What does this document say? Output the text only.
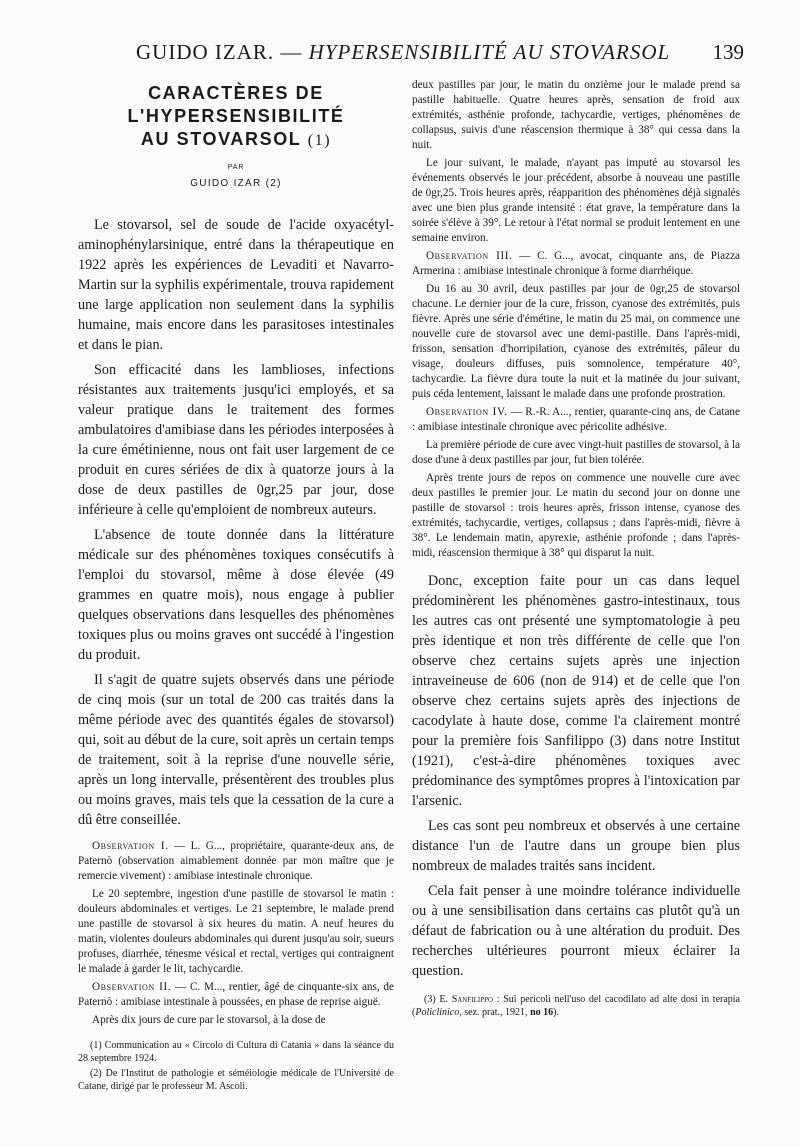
GUIDO IZAR. — HYPERSENSIBILITÉ AU STOVARSOL 139
CARACTÈRES DE
L'HYPERSENSIBILITÉ
AU STOVARSOL (1)
PAR
GUIDO IZAR (2)

Le stovarsol, sel de soude de l'acide oxyacétyl-aminophénylarsinique, entré dans la thérapeutique en 1922 après les expériences de Levaditi et Navarro-Martin sur la syphilis expérimentale, trouva rapidement une large application non seulement dans la syphilis humaine, mais encore dans les parasitoses intestinales et dans le pian.

Son efficacité dans les lamblioses, infections résistantes aux traitements jusqu'ici employés, et sa valeur pratique dans le traitement des formes ambulatoires d'amibiase dans les périodes interposées à la cure émétinienne, nous ont fait user largement de ce produit en cures sériées de dix à quatorze jours à la dose de deux pastilles de 0gr,25 par jour, dose inférieure à celle qu'emploient de nombreux auteurs.

L'absence de toute donnée dans la littérature médicale sur des phénomènes toxiques consécutifs à l'emploi du stovarsol, même à dose élevée (49 grammes en quatre mois), nous engage à publier quelques observations dans lesquelles des phénomènes toxiques plus ou moins graves ont succédé à l'ingestion du produit.

Il s'agit de quatre sujets observés dans une période de cinq mois (sur un total de 200 cas traités dans la même période avec des quantités égales de stovarsol) qui, soit au début de la cure, soit après un certain temps de traitement, soit à la reprise d'une nouvelle série, après un long intervalle, présentèrent des troubles plus ou moins graves, mais tels que la cessation de la cure a dû être conseillée.

Observation I. — L. G..., propriétaire, quarante-deux ans, de Paternò (observation aimablement donnée par mon maître que je remercie vivement) : amibiase intestinale chronique.

Le 20 septembre, ingestion d'une pastille de stovarsol le matin : douleurs abdominales et vertiges. Le 21 septembre, le malade prend une pastille de stovarsol à six heures du matin. A neuf heures du matin, violentes douleurs abdominales qui durent jusqu'au soir, sueurs profuses, diarrhée, ténesme vésical et rectal, vertiges qui contraignent le malade à garder le lit, tachycardie.

Observation II. — C. M..., rentier, âgé de cinquante-six ans, de Paternò : amibiase intestinale à poussées, en phase de reprise aiguë.

Après dix jours de cure par le stovarsol, à la dose de

(1) Communication au « Circolo di Cultura di Catania » dans la séance du 28 septembre 1924.

(2) De l'Institut de pathologie et séméiologie médicale de l'Université de Catane, dirigé par le professeur M. Ascoli.

deux pastilles par jour, le matin du onzième jour le malade prend sa pastille habituelle. Quatre heures après, sensation de froid aux extrémités, asthénie profonde, tachycardie, vertiges, phénomènes de collapsus, suivis d'une réascension thermique à 38° qui cessa dans la nuit.

Le jour suivant, le malade, n'ayant pas imputé au stovarsol les événements observés le jour précédent, absorbe à nouveau une pastille de 0gr,25. Trois heures après, réapparition des phénomènes déjà signalés avec une bien plus grande intensité : état grave, la température dans la soirée s'élève à 39°. Le retour à l'état normal se produit lentement en une semaine environ.

Observation III. — C. G..., avocat, cinquante ans, de Piazza Armerina : amibiase intestinale chronique à forme diarrhéique.

Du 16 au 30 avril, deux pastilles par jour de 0gr,25 de stovarsol chacune. Le dernier jour de la cure, frisson, cyanose des extrémités, puis fièvre. Après une série d'émétine, le matin du 25 mai, on commence une nouvelle cure de stovarsol avec une demi-pastille. Dans l'après-midi, frisson, sensation d'horripilation, cyanose des extrémités, pâleur du visage, douleurs diffuses, puis somnolence, température 40°, tachycardie. La fièvre dura toute la nuit et la matinée du jour suivant, puis céda lentement, laissant le malade dans une profonde prostration.

Observation IV. — R.-R. A..., rentier, quarante-cinq ans, de Catane : amibiase intestinale chronique avec péricolite adhésive.

La première période de cure avec vingt-huit pastilles de stovarsol, à la dose d'une à deux pastilles par jour, fut bien tolérée.

Après trente jours de repos on commence une nouvelle cure avec deux pastilles le premier jour. Le matin du second jour on donne une pastille de stovarsol : trois heures après, frisson intense, cyanose des extrémités, tachycardie, vertiges, collapsus ; dans l'après-midi, fièvre à 38°. Le lendemain matin, apyrexie, asthénie profonde ; dans l'après-midi, réascension thermique à 38° qui disparut la nuit.

Donc, exception faite pour un cas dans lequel prédominèrent les phénomènes gastro-intestinaux, tous les autres cas ont présenté une symptomatologie à peu près identique et non très différente de celle que l'on observe chez certains sujets après une injection intraveineuse de 606 (non de 914) et de celle que l'on observe chez certains sujets après des injections de cacodylate à haute dose, comme l'a clairement montré pour la première fois Sanfilippo (3) dans notre Institut (1921), c'est-à-dire phénomènes toxiques avec prédominance des symptômes propres à l'intoxication par l'arsenic.

Les cas sont peu nombreux et observés à une certaine distance l'un de l'autre dans un groupe bien plus nombreux de malades traités sans incident.

Cela fait penser à une moindre tolérance individuelle ou à une sensibilisation dans certains cas plutôt qu'à un défaut de fabrication ou à une altération du produit. Des recherches ultérieures pourront mieux éclairer la question.

(3) E. Sanfilippo : Sui pericoli nell'uso del cacodilato ad alte dosi in terapia (Policlinico, sez. prat., 1921, no 16).
